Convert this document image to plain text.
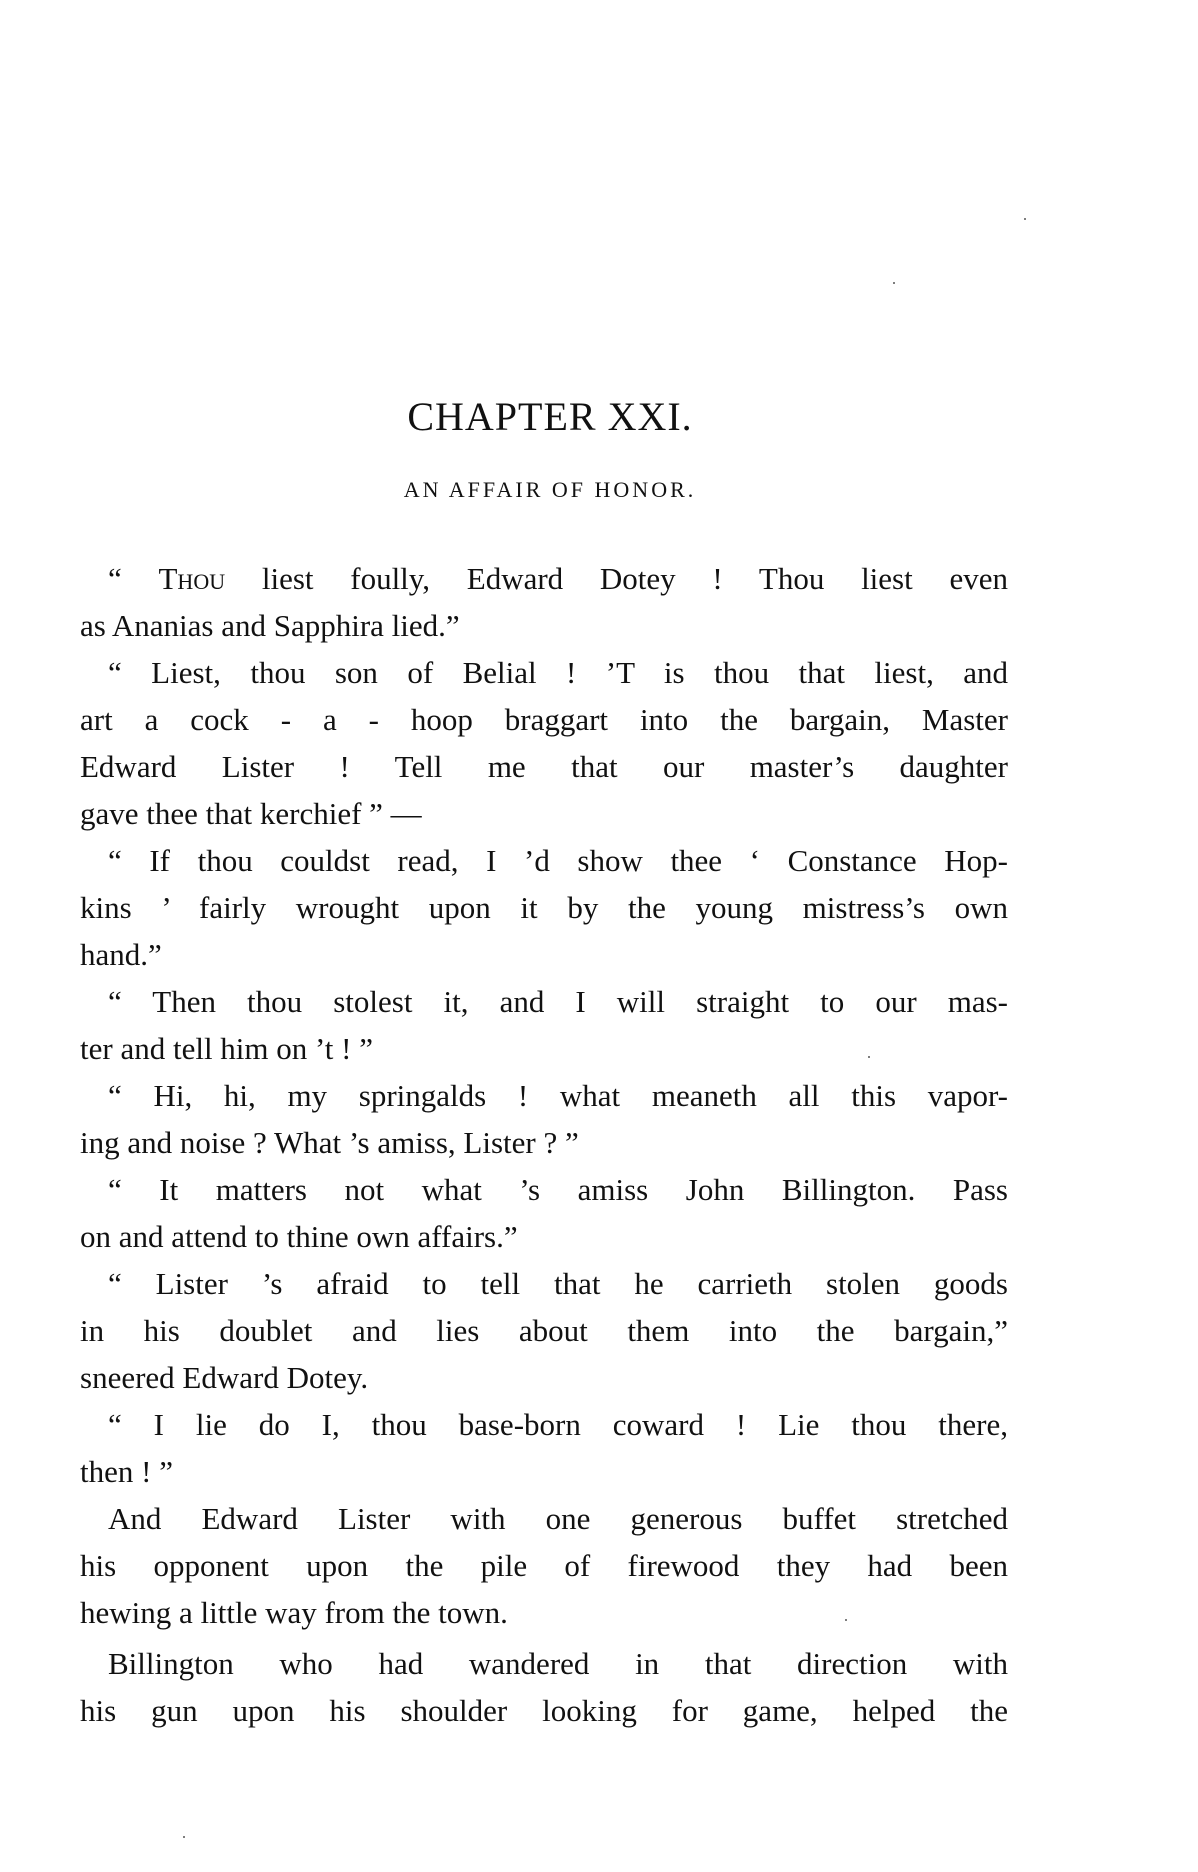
CHAPTER XXI.
AN AFFAIR OF HONOR.
“ Thou liest foully, Edward Dotey ! Thou liest even
as Ananias and Sapphira lied.”
“ Liest, thou son of Belial ! ’T is thou that liest, and
art a cock - a - hoop braggart into the bargain, Master
Edward Lister ! Tell me that our master’s daughter
gave thee that kerchief ” —
“ If thou couldst read, I ’d show thee ‘ Constance Hop-
kins ’ fairly wrought upon it by the young mistress’s own
hand.”
“ Then thou stolest it, and I will straight to our mas-
ter and tell him on ’t ! ”
“ Hi, hi, my springalds ! what meaneth all this vapor-
ing and noise ? What ’s amiss, Lister ? ”
“ It matters not what ’s amiss John Billington. Pass
on and attend to thine own affairs.”
“ Lister ’s afraid to tell that he carrieth stolen goods
in his doublet and lies about them into the bargain,”
sneered Edward Dotey.
“ I lie do I, thou base-born coward ! Lie thou there,
then ! ”
And Edward Lister with one generous buffet stretched
his opponent upon the pile of firewood they had been
hewing a little way from the town.
Billington who had wandered in that direction with
his gun upon his shoulder looking for game, helped the
